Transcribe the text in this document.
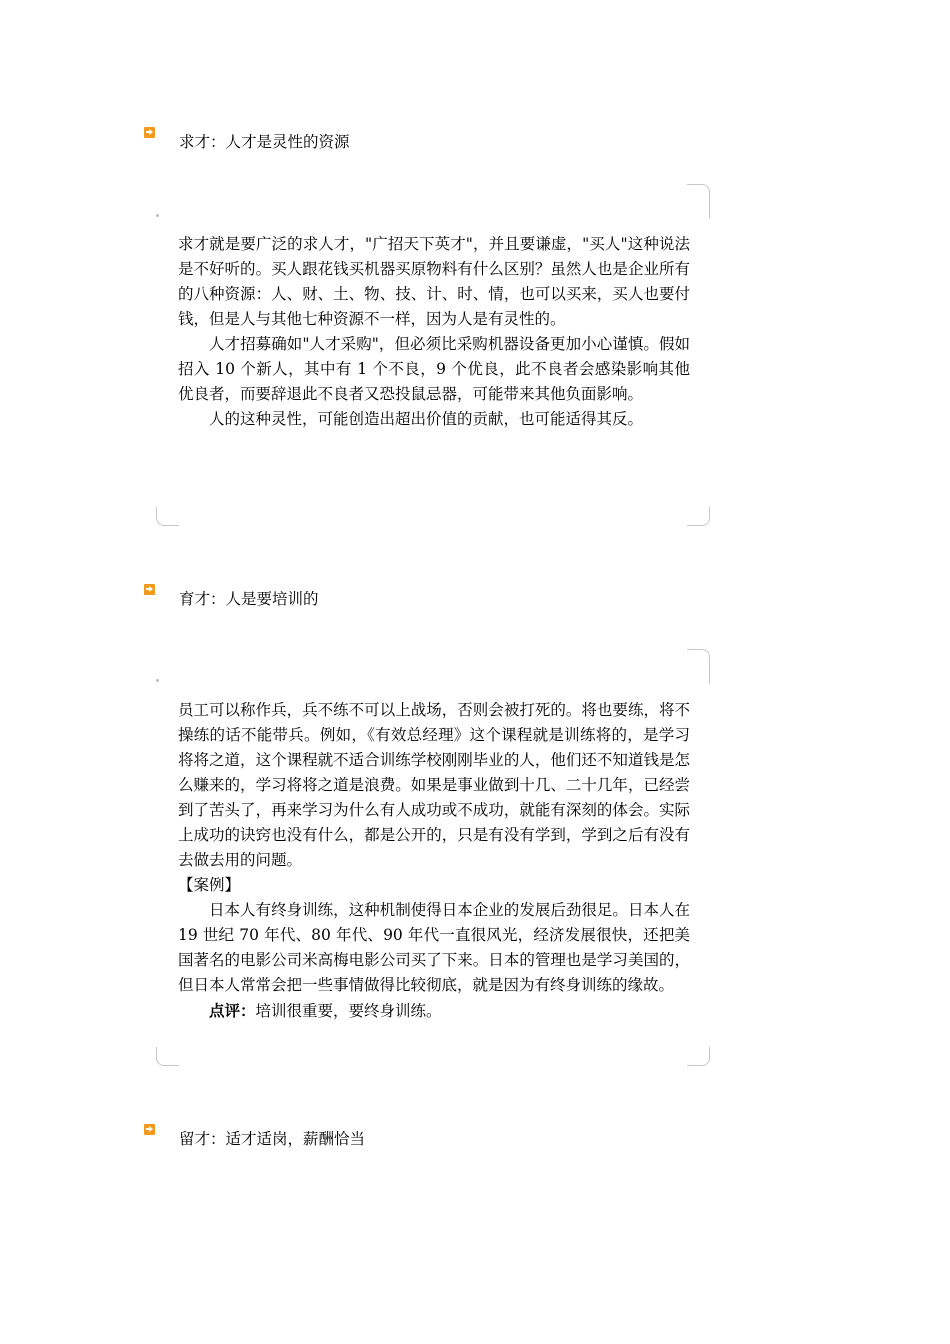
求才：人才是灵性的资源

求才就是要广泛的求人才，"广招天下英才"，并且要谦虚，"买人"这种说法是不好听的。买人跟花钱买机器买原物料有什么区别？虽然人也是企业所有的八种资源：人、财、土、物、技、计、时、情，也可以买来，买人也要付钱，但是人与其他七种资源不一样，因为人是有灵性的。

人才招募确如"人才采购"，但必须比采购机器设备更加小心谨慎。假如招入 10 个新人，其中有 1 个不良，9 个优良，此不良者会感染影响其他优良者，而要辞退此不良者又恐投鼠忌器，可能带来其他负面影响。

人的这种灵性，可能创造出超出价值的贡献，也可能适得其反。

育才：人是要培训的

员工可以称作兵，兵不练不可以上战场，否则会被打死的。将也要练，将不操练的话不能带兵。例如，《有效总经理》这个课程就是训练将的，是学习将将之道，这个课程就不适合训练学校刚刚毕业的人，他们还不知道钱是怎么赚来的，学习将将之道是浪费。如果是事业做到十几、二十几年，已经尝到了苦头了，再来学习为什么有人成功或不成功，就能有深刻的体会。实际上成功的诀窍也没有什么，都是公开的，只是有没有学到，学到之后有没有去做去用的问题。

【案例】

日本人有终身训练，这种机制使得日本企业的发展后劲很足。日本人在 19 世纪 70 年代、80 年代、90 年代一直很风光，经济发展很快，还把美国著名的电影公司米高梅电影公司买了下来。日本的管理也是学习美国的，但日本人常常会把一些事情做得比较彻底，就是因为有终身训练的缘故。

点评：培训很重要，要终身训练。

留才：适才适岗，薪酬恰当
